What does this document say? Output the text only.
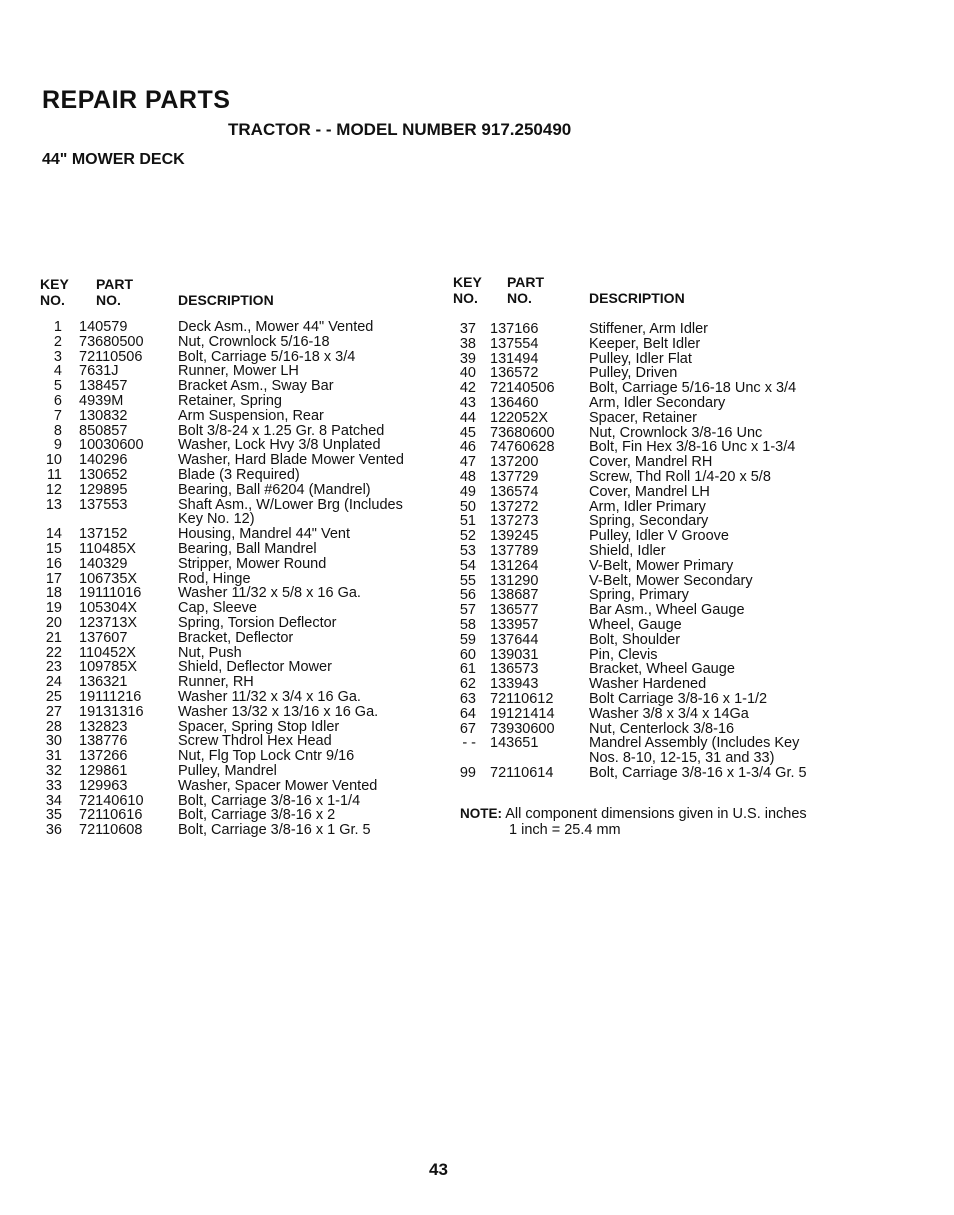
REPAIR PARTS
TRACTOR - - MODEL NUMBER 917.250490
44" MOWER DECK
KEY
NO.
PART
NO.	DESCRIPTION
KEY
NO.
PART
NO.	DESCRIPTION
1 140579	Deck Asm., Mower 44" Vented
2 73680500 Nut, Crownlock 5/16-18
3 72110506 Bolt, Carriage 5/16-18 x 3/4
4 7631J	Runner, Mower LH
5 138457	Bracket Asm., Sway Bar
6 4939M	Retainer, Spring
7 130832	Arm Suspension, Rear
8 850857	Bolt 3/8-24 x 1.25 Gr. 8 Patched
9 10030600 Washer, Lock Hvy 3/8 Unplated
10 140296	Washer, Hard Blade Mower Vented
11 130652	Blade (3 Required)
12 129895	Bearing, Ball #6204 (Mandrel)
13 137553	Shaft Asm., W/Lower Brg (Includes Key No. 12)
14 137152	Housing, Mandrel 44" Vent
15 110485X	Bearing, Ball Mandrel
16 140329	Stripper, Mower Round
17 106735X	Rod, Hinge
18 19111016	Washer 11/32 x 5/8 x 16 Ga.
19 105304X	Cap, Sleeve
20 123713X	Spring, Torsion Deflector
21 137607	Bracket, Deflector
22 110452X	Nut, Push
23 109785X	Shield, Deflector Mower
24 136321	Runner, RH
25 19111216	Washer 11/32 x 3/4 x 16 Ga.
27 19131316 Washer 13/32 x 13/16 x 16 Ga.
28 132823	Spacer, Spring Stop Idler
30 138776	Screw Thdrol Hex Head
31 137266	Nut, Flg Top Lock Cntr 9/16
32 129861	Pulley, Mandrel
33 129963	Washer, Spacer Mower Vented
34 72140610 Bolt, Carriage 3/8-16 x 1-1/4
35 72110616 Bolt, Carriage 3/8-16 x 2
36 72110608 Bolt, Carriage 3/8-16 x 1 Gr. 5
37 137166	Stiffener, Arm Idler
38 137554	Keeper, Belt Idler
39 131494	Pulley, Idler Flat
40 136572	Pulley, Driven
42 72140506 Bolt, Carriage 5/16-18 Unc x 3/4
43 136460	Arm, Idler Secondary
44 122052X	Spacer, Retainer
45 73680600 Nut, Crownlock 3/8-16 Unc
46 74760628 Bolt, Fin Hex 3/8-16 Unc x 1-3/4
47 137200	Cover, Mandrel RH
48 137729	Screw, Thd Roll 1/4-20 x 5/8
49 136574	Cover, Mandrel LH
50 137272	Arm, Idler Primary
51 137273	Spring, Secondary
52 139245	Pulley, Idler V Groove
53 137789	Shield, Idler
54 131264	V-Belt, Mower Primary
55 131290	V-Belt, Mower Secondary
56 138687	Spring, Primary
57 136577	Bar Asm., Wheel Gauge
58 133957	Wheel, Gauge
59 137644	Bolt, Shoulder
60 139031	Pin, Clevis
61 136573	Bracket, Wheel Gauge
62 133943	Washer Hardened
63 72110612 Bolt Carriage 3/8-16 x 1-1/2
64 19121414 Washer 3/8 x 3/4 x 14Ga
67 73930600 Nut, Centerlock 3/8-16
- - 143651	Mandrel Assembly (Includes Key Nos. 8-10, 12-15, 31 and 33)
99 72110614 Bolt, Carriage 3/8-16 x 1-3/4 Gr. 5
NOTE: All component dimensions given in U.S. inches
1 inch = 25.4 mm
43
